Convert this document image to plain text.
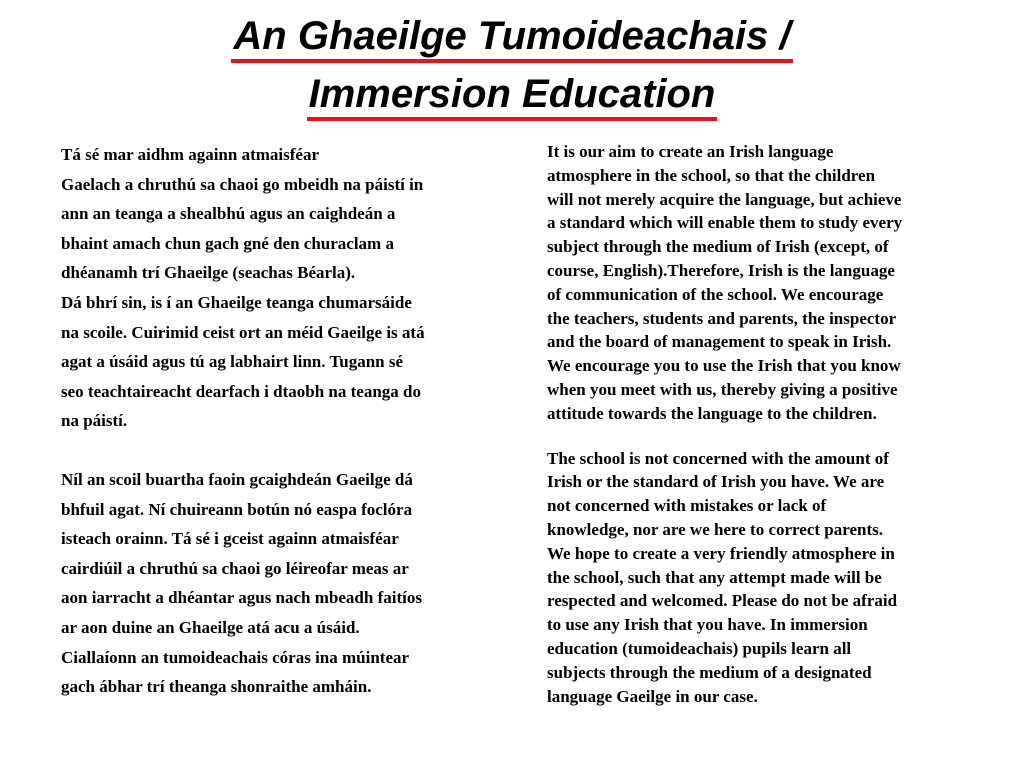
An Ghaeilge Tumoideachais /
Immersion Education
Tá sé mar aidhm againn atmaisféar
Gaelach a chruthú sa chaoi go mbeidh na páistí in
ann an teanga a shealbhú agus an caighdeán a
bhaint amach chun gach gné den churaclam a
dhéanamh trí Ghaeilge (seachas Béarla).
Dá bhrí sin, is í an Ghaeilge teanga chumarsáide
na scoile. Cuirimid ceist ort an méid Gaeilge is atá
agat a úsáid agus tú ag labhairt linn. Tugann sé
seo teachtaireacht dearfach i dtaobh na teanga do
na páistí.
Níl an scoil buartha faoin gcaighdeán Gaeilge dá
bhfuil agat. Ní chuireann botún nó easpa foclóra
isteach orainn. Tá sé i gceist againn atmaisféar
cairdiúil a chruthú sa chaoi go léireofar meas ar
aon iarracht a dhéantar agus nach mbeadh faitíos
ar aon duine an Ghaeilge atá acu a úsáid.
Ciallaíonn an tumoideachais córas ina múintear
gach ábhar trí theanga shonraithe amháin.
It is our aim to create an Irish language
atmosphere in the school, so that the children
will not merely acquire the language, but achieve
a standard which will enable them to study every
subject through the medium of Irish (except, of
course, English).Therefore, Irish is the language
of communication of the school. We encourage
the teachers, students and parents, the inspector
and the board of management to speak in Irish.
We encourage you to use the Irish that you know
when you meet with us, thereby giving a positive
attitude towards the language to the children.
The school is not concerned with the amount of
Irish or the standard of Irish you have. We are
not concerned with mistakes or lack of
knowledge, nor are we here to correct parents.
We hope to create a very friendly atmosphere in
the school, such that any attempt made will be
respected and welcomed. Please do not be afraid
to use any Irish that you have. In immersion
education (tumoideachais) pupils learn all
subjects through the medium of a designated
language Gaeilge in our case.
